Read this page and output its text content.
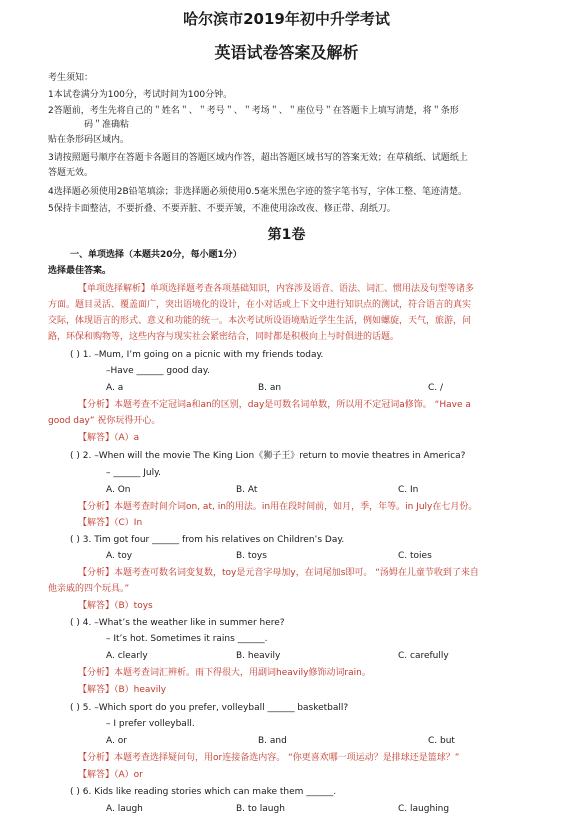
哈尔滨市2019年初中升学考试
英语试卷答案及解析
考生须知：
1本试卷满分为100分，考试时间为100分钟。
2答题前，考生先将自己的＂姓名＂、＂考号＂、＂考场＂、＂座位号＂在答题卡上填写清楚，将＂条形
码＂准确粘
贴在条形码区域内。
3请按照题号顺序在答题卡各题目的答题区域内作答，超出答题区域书写的答案无效；在草稿纸、试题纸上
答题无效。
4选择题必须使用2B铅笔填涂；非选择题必须使用0.5毫米黑色字迹的签字笔书写，字体工整、笔迹清楚。
5保持卡面整洁，不要折叠、不要弄脏、不要弄皱，不准使用涂改夜、修正带、刮纸刀。
第1卷
一、单项选择（本题共20分，每小题1分）
选择最佳答案。
【单项选择解析】单项选择题考查各项基础知识，内容涉及语音、语法、词汇、惯用法及句型等诸多
方面。题目灵活、覆盖面广，突出语境化的设计，在小对话或上下文中进行知识点的测试，符合语言的真实
交际，体现语言的形式、意义和功能的统一。本次考试所设语境贴近学生生活，例如螺旋，天气，旅游，问
路，环保和购物等，这些内容与现实社会紧密结合，同时都是积极向上与时俱进的话题。
( ) 1. –Mum, I’m going on a picnic with my friends today.
–Have ______ good day.
A. a	B. an	C. /
【分析】本题考查不定冠词a和an的区别，day是可数名词单数，所以用不定冠词a修饰。 “Have a
good day” 祝你玩得开心。
【解答】（A）a
( ) 2. –When will the movie The King Lion《狮子王》return to movie theatres in America?
– ______ July.
A. On	B. At	C. In
【分析】本题考查时间介词on, at, in的用法。in用在段时间前，如月，季，年等。in July在七月份。
【解答】（C）In
( ) 3. Tim got four ______ from his relatives on Children’s Day.
A. toy	B. toys	C. toies
【分析】本题考查可数名词变复数，toy是元音字母加y，在词尾加s即可。 “汤姆在儿童节收到了来自
他亲戚的四个玩具。”
【解答】（B）toys
( ) 4. –What’s the weather like in summer here?
– It’s hot. Sometimes it rains ______.
A. clearly	B. heavily	C. carefully
【分析】本题考查词汇辨析。雨下得很大，用副词heavily修饰动词rain。
【解答】（B）heavily
( ) 5. –Which sport do you prefer, volleyball ______ basketball?
– I prefer volleyball.
A. or	B. and	C. but
【分析】本题考查选择疑问句，用or连接备选内容。 “你更喜欢哪一项运动？是排球还是篮球？”
【解答】（A）or
( ) 6. Kids like reading stories which can make them ______.
A. laugh	B. to laugh	C. laughing
